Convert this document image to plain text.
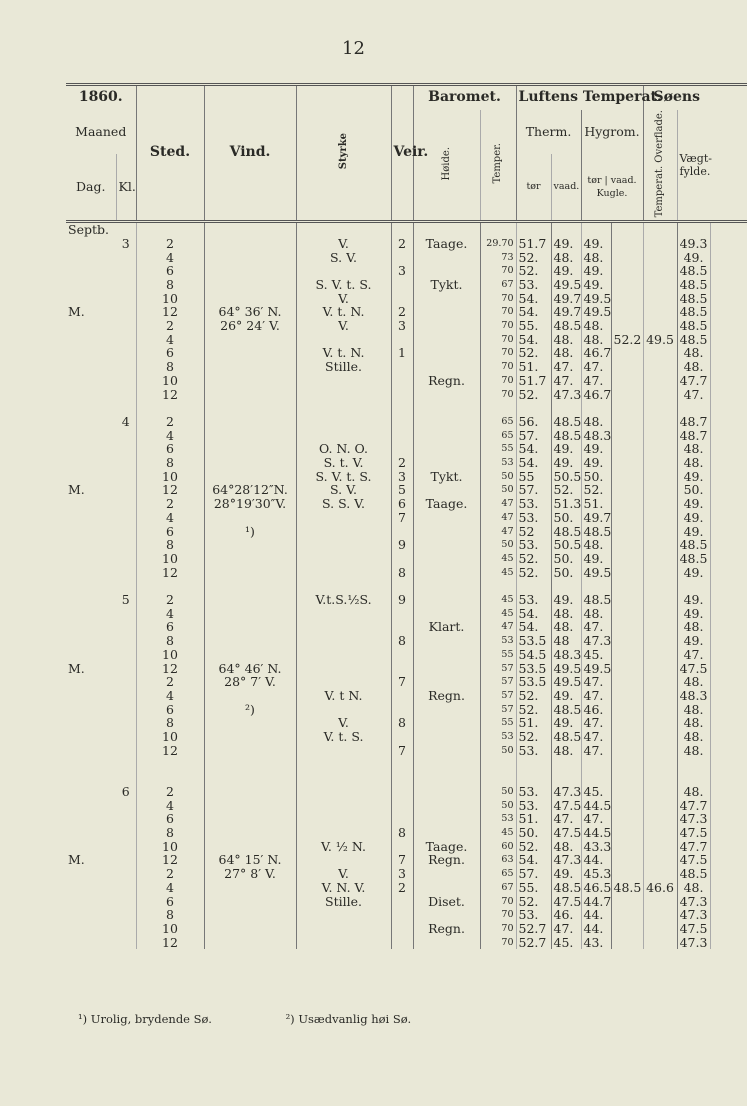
12
1860.		Sted.	Vind.	Styrke	Veir.	Baromet.		Luftens Temperat.				Søens		
Maaned						Høide.	Temper.	Therm.		Hygrom.		Temperat. Overflade.	Vægt-fylde.	
Dag.	Kl.							tør	vaad.	tør | vaad.
Kugle.				
Septb.														
	3	2		V.	2	Taage.	29.70	51.7	49.	49.			49.3	
		4		S. V.			73	52.	48.	48.			49.	
		6			3		70	52.	49.	49.			48.5	
		8		S. V. t. S.		Tykt.	67	53.	49.5	49.			48.5	
		10		V.			70	54.	49.7	49.5			48.5	
M.		12	64° 36′ N.	V. t. N.	2		70	54.	49.7	49.5			48.5	
		2	26° 24′ V.	V.	3		70	55.	48.5	48.			48.5	
		4					70	54.	48.	48.	52.2	49.5	48.5	
		6		V. t. N.	1		70	52.	48.	46.7			48.	
		8		Stille.			70	51.	47.	47.			48.	
		10				Regn.	70	51.7	47.	47.			47.7	
		12					70	52.	47.3	46.7			47.	

	4	2					65	56.	48.5	48.			48.7	
		4					65	57.	48.5	48.3			48.7	
		6		O. N. O.			55	54.	49.	49.			48.	
		8		S. t. V.	2		53	54.	49.	49.			48.	
		10		S. V. t. S.	3	Tykt.	50	55	50.5	50.			49.	
M.		12	64°28′12″N.	S. V.	5		50	57.	52.	52.			50.	
		2	28°19′30″V.	S. S. V.	6	Taage.	47	53.	51.3	51.			49.	
		4			7		47	53.	50.	49.7			49.	
		6	¹)				47	52	48.5	48.5			49.	
		8			9		50	53.	50.5	48.			48.5	
		10					45	52.	50.	49.			48.5	
		12			8		45	52.	50.	49.5			49.	

	5	2		V.t.S.½S.	9		45	53.	49.	48.5			49.	
		4					45	54.	48.	48.			49.	
		6				Klart.	47	54.	48.	47.			48.	
		8			8		53	53.5	48	47.3			49.	
		10					55	54.5	48.3	45.			47.	
M.		12	64° 46′ N.				57	53.5	49.5	49.5			47.5	
		2	28° 7′ V.		7		57	53.5	49.5	47.			48.	
		4		V. t N.		Regn.	57	52.	49.	47.			48.3	
		6	²)				57	52.	48.5	46.			48.	
		8		V.	8		55	51.	49.	47.			48.	
		10		V. t. S.			53	52.	48.5	47.			48.	
		12			7		50	53.	48.	47.			48.	

	6	2					50	53.	47.3	45.			48.	
		4					50	53.	47.5	44.5			47.7	
		6					53	51.	47.	47.			47.3	
		8			8		45	50.	47.5	44.5			47.5	
		10		V. ½ N.		Taage.	60	52.	48.	43.3			47.7	
M.		12	64° 15′ N.		7	Regn.	63	54.	47.3	44.			47.5	
		2	27° 8′ V.	V.	3		65	57.	49.	45.3			48.5	
		4		V. N. V.	2		67	55.	48.5	46.5	48.5	46.6	48.	
		6		Stille.		Diset.	70	52.	47.5	44.7			47.3	
		8					70	53.	46.	44.			47.3	
		10				Regn.	70	52.7	47.	44.			47.5	
		12					70	52.7	45.	43.			47.3	
¹) Urolig, brydende Sø.	²) Usædvanlig høi Sø.
